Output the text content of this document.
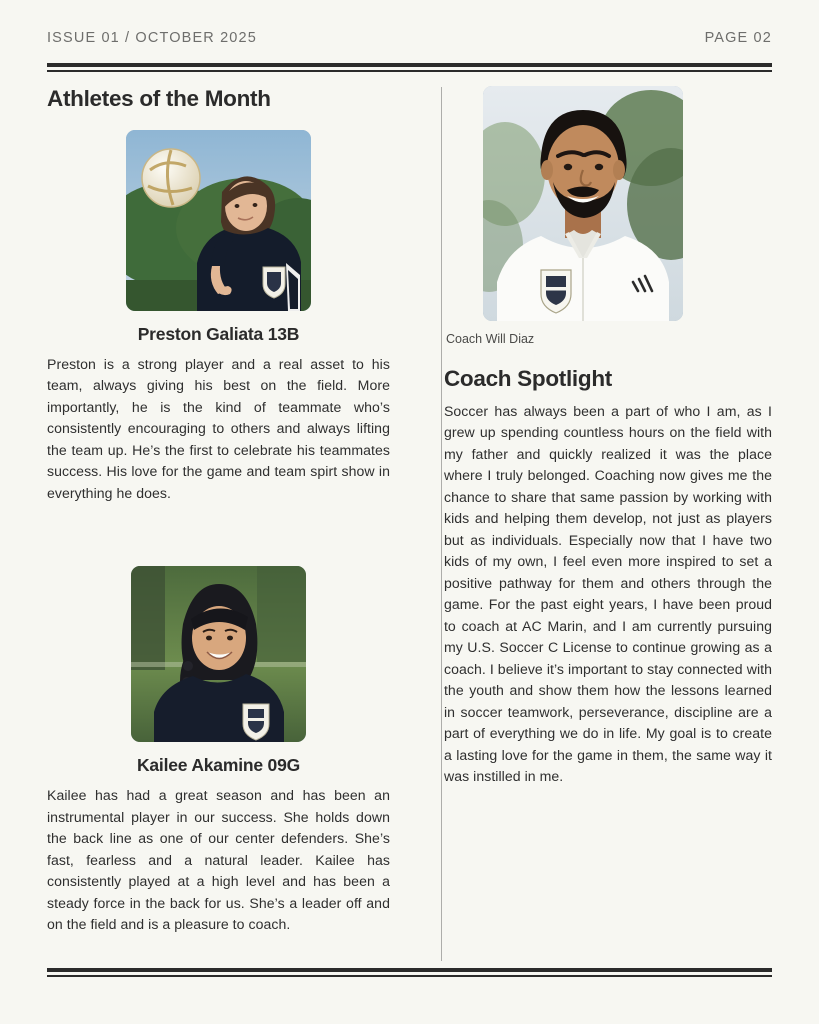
ISSUE 01 / OCTOBER 2025	PAGE 02
Athletes of the Month
Preston Galiata 13B

Preston is a strong player and a real asset to his team, always giving his best on the field. More importantly, he is the kind of teammate who’s consistently encouraging to others and always lifting the team up. He’s the first to celebrate his teammates success. His love for the game and team spirt show in everything he does.

Kailee Akamine 09G

Kailee has had a great season and has been an instrumental player in our success. She holds down the back line as one of our center defenders. She’s fast, fearless and a natural leader. Kailee has consistently played at a high level and has been a steady force in the back for us. She’s a leader off and on the field and is a pleasure to coach.

Coach Will Diaz
Coach Spotlight

Soccer has always been a part of who I am, as I grew up spending countless hours on the field with my father and quickly realized it was the place where I truly belonged. Coaching now gives me the chance to share that same passion by working with kids and helping them develop, not just as players but as individuals. Especially now that I have two kids of my own, I feel even more inspired to set a positive pathway for them and others through the game. For the past eight years, I have been proud to coach at AC Marin, and I am currently pursuing my U.S. Soccer C License to continue growing as a coach. I believe it’s important to stay connected with the youth and show them how the lessons learned in soccer teamwork, perseverance, discipline are a part of everything we do in life. My goal is to create a lasting love for the game in them, the same way it was instilled in me.
